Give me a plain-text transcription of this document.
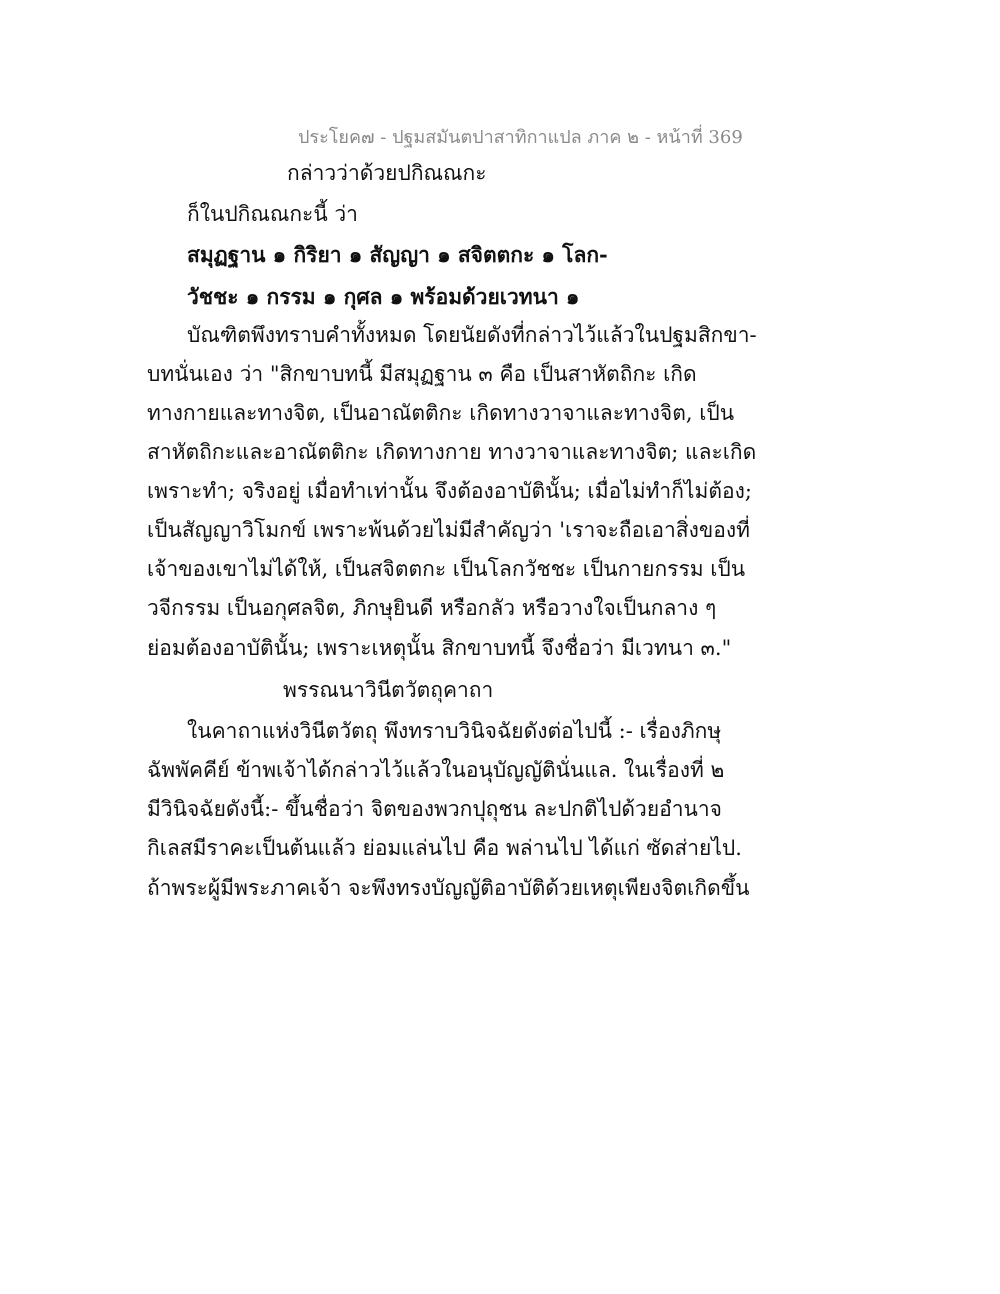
ประโยค๗ - ปฐมสมันตปาสาทิกาแปล ภาค ๒ - หน้าที่ 369
กล่าวว่าด้วยปกิณณกะ
ก็ในปกิณณกะนี้ ว่า
สมุฏฐาน ๑ กิริยา ๑ สัญญา ๑ สจิตตกะ ๑ โลก-
วัชชะ ๑ กรรม ๑ กุศล ๑ พร้อมด้วยเวทนา ๑
บัณฑิตพึงทราบคำทั้งหมด โดยนัยดังที่กล่าวไว้แล้วในปฐมสิกขา-
บทนั่นเอง ว่า "สิกขาบทนี้ มีสมุฏฐาน ๓ คือ เป็นสาหัตถิกะ เกิด
ทางกายและทางจิต, เป็นอาณัตติกะ เกิดทางวาจาและทางจิต, เป็น
สาหัตถิกะและอาณัตติกะ เกิดทางกาย ทางวาจาและทางจิต; และเกิด
เพราะทำ; จริงอยู่ เมื่อทำเท่านั้น จึงต้องอาบัตินั้น; เมื่อไม่ทำก็ไม่ต้อง;
เป็นสัญญาวิโมกข์ เพราะพ้นด้วยไม่มีสำคัญว่า 'เราจะถือเอาสิ่งของที่
เจ้าของเขาไม่ได้ให้, เป็นสจิตตกะ เป็นโลกวัชชะ เป็นกายกรรม เป็น
วจีกรรม เป็นอกุศลจิต, ภิกษุยินดี หรือกลัว หรือวางใจเป็นกลาง ๆ
ย่อมต้องอาบัตินั้น; เพราะเหตุนั้น สิกขาบทนี้ จึงชื่อว่า มีเวทนา ๓."
พรรณนาวินีตวัตถุคาถา
ในคาถาแห่งวินีตวัตถุ พึงทราบวินิจฉัยดังต่อไปนี้ :- เรื่องภิกษุ
ฉัพพัคคีย์ ข้าพเจ้าได้กล่าวไว้แล้วในอนุบัญญัตินั่นแล. ในเรื่องที่ ๒
มีวินิจฉัยดังนี้:- ขึ้นชื่อว่า จิตของพวกปุถุชน ละปกติไปด้วยอำนาจ
กิเลสมีราคะเป็นต้นแล้ว ย่อมแล่นไป คือ พล่านไป ได้แก่ ซัดส่ายไป.
ถ้าพระผู้มีพระภาคเจ้า จะพึงทรงบัญญัติอาบัติด้วยเหตุเพียงจิตเกิดขึ้น
